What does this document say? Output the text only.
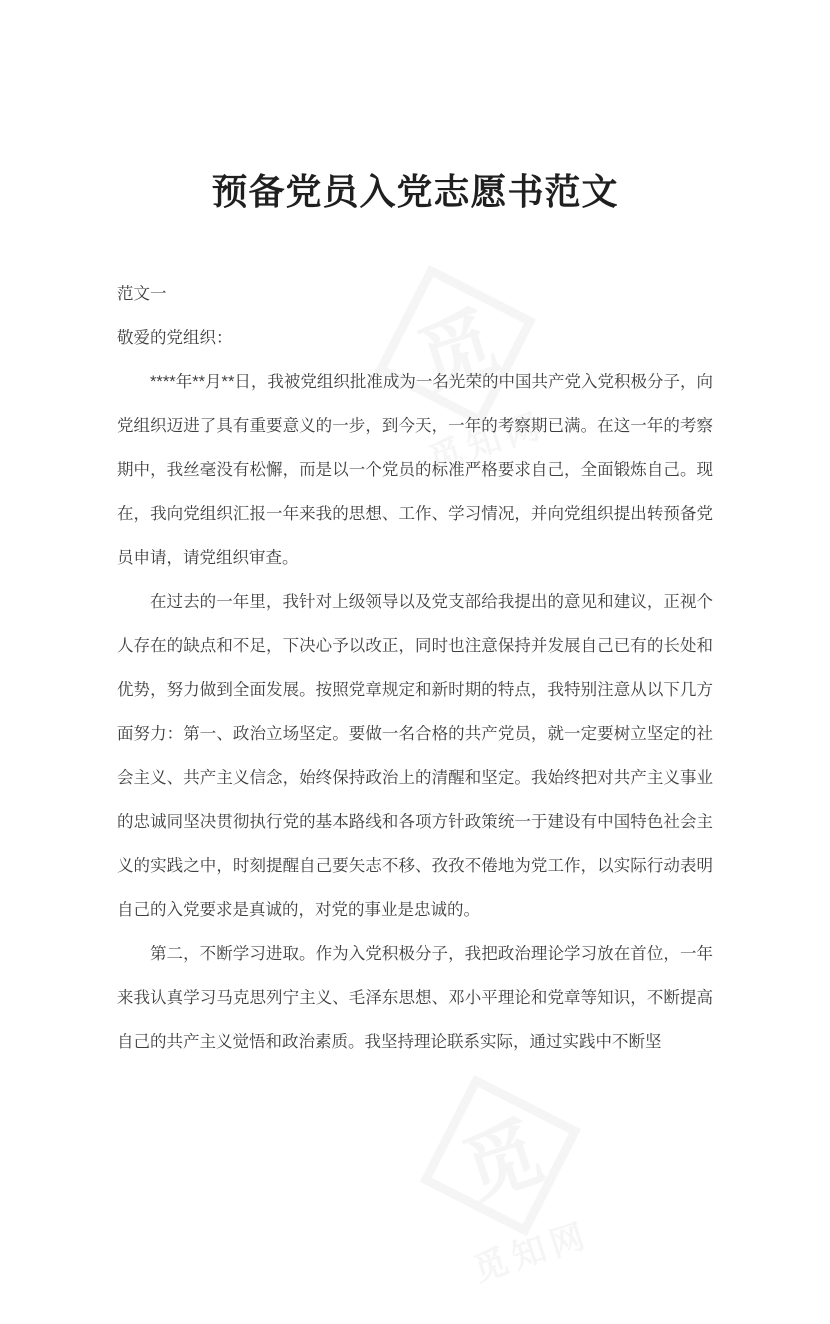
觅
觅知网
觅
觅知网
预备党员入党志愿书范文

范文一

敬爱的党组织：

****年**月**日，我被党组织批准成为一名光荣的中国共产党入党积极分子，向党组织迈进了具有重要意义的一步，到今天，一年的考察期已满。在这一年的考察期中，我丝毫没有松懈，而是以一个党员的标准严格要求自己，全面锻炼自己。现在，我向党组织汇报一年来我的思想、工作、学习情况，并向党组织提出转预备党员申请，请党组织审查。

在过去的一年里，我针对上级领导以及党支部给我提出的意见和建议，正视个人存在的缺点和不足，下决心予以改正，同时也注意保持并发展自己已有的长处和优势，努力做到全面发展。按照党章规定和新时期的特点，我特别注意从以下几方面努力：第一、政治立场坚定。要做一名合格的共产党员，就一定要树立坚定的社会主义、共产主义信念，始终保持政治上的清醒和坚定。我始终把对共产主义事业的忠诚同坚决贯彻执行党的基本路线和各项方针政策统一于建设有中国特色社会主义的实践之中，时刻提醒自己要矢志不移、孜孜不倦地为党工作，以实际行动表明自己的入党要求是真诚的，对党的事业是忠诚的。

第二，不断学习进取。作为入党积极分子，我把政治理论学习放在首位，一年来我认真学习马克思列宁主义、毛泽东思想、邓小平理论和党章等知识，不断提高自己的共产主义觉悟和政治素质。我坚持理论联系实际，通过实践中不断坚
